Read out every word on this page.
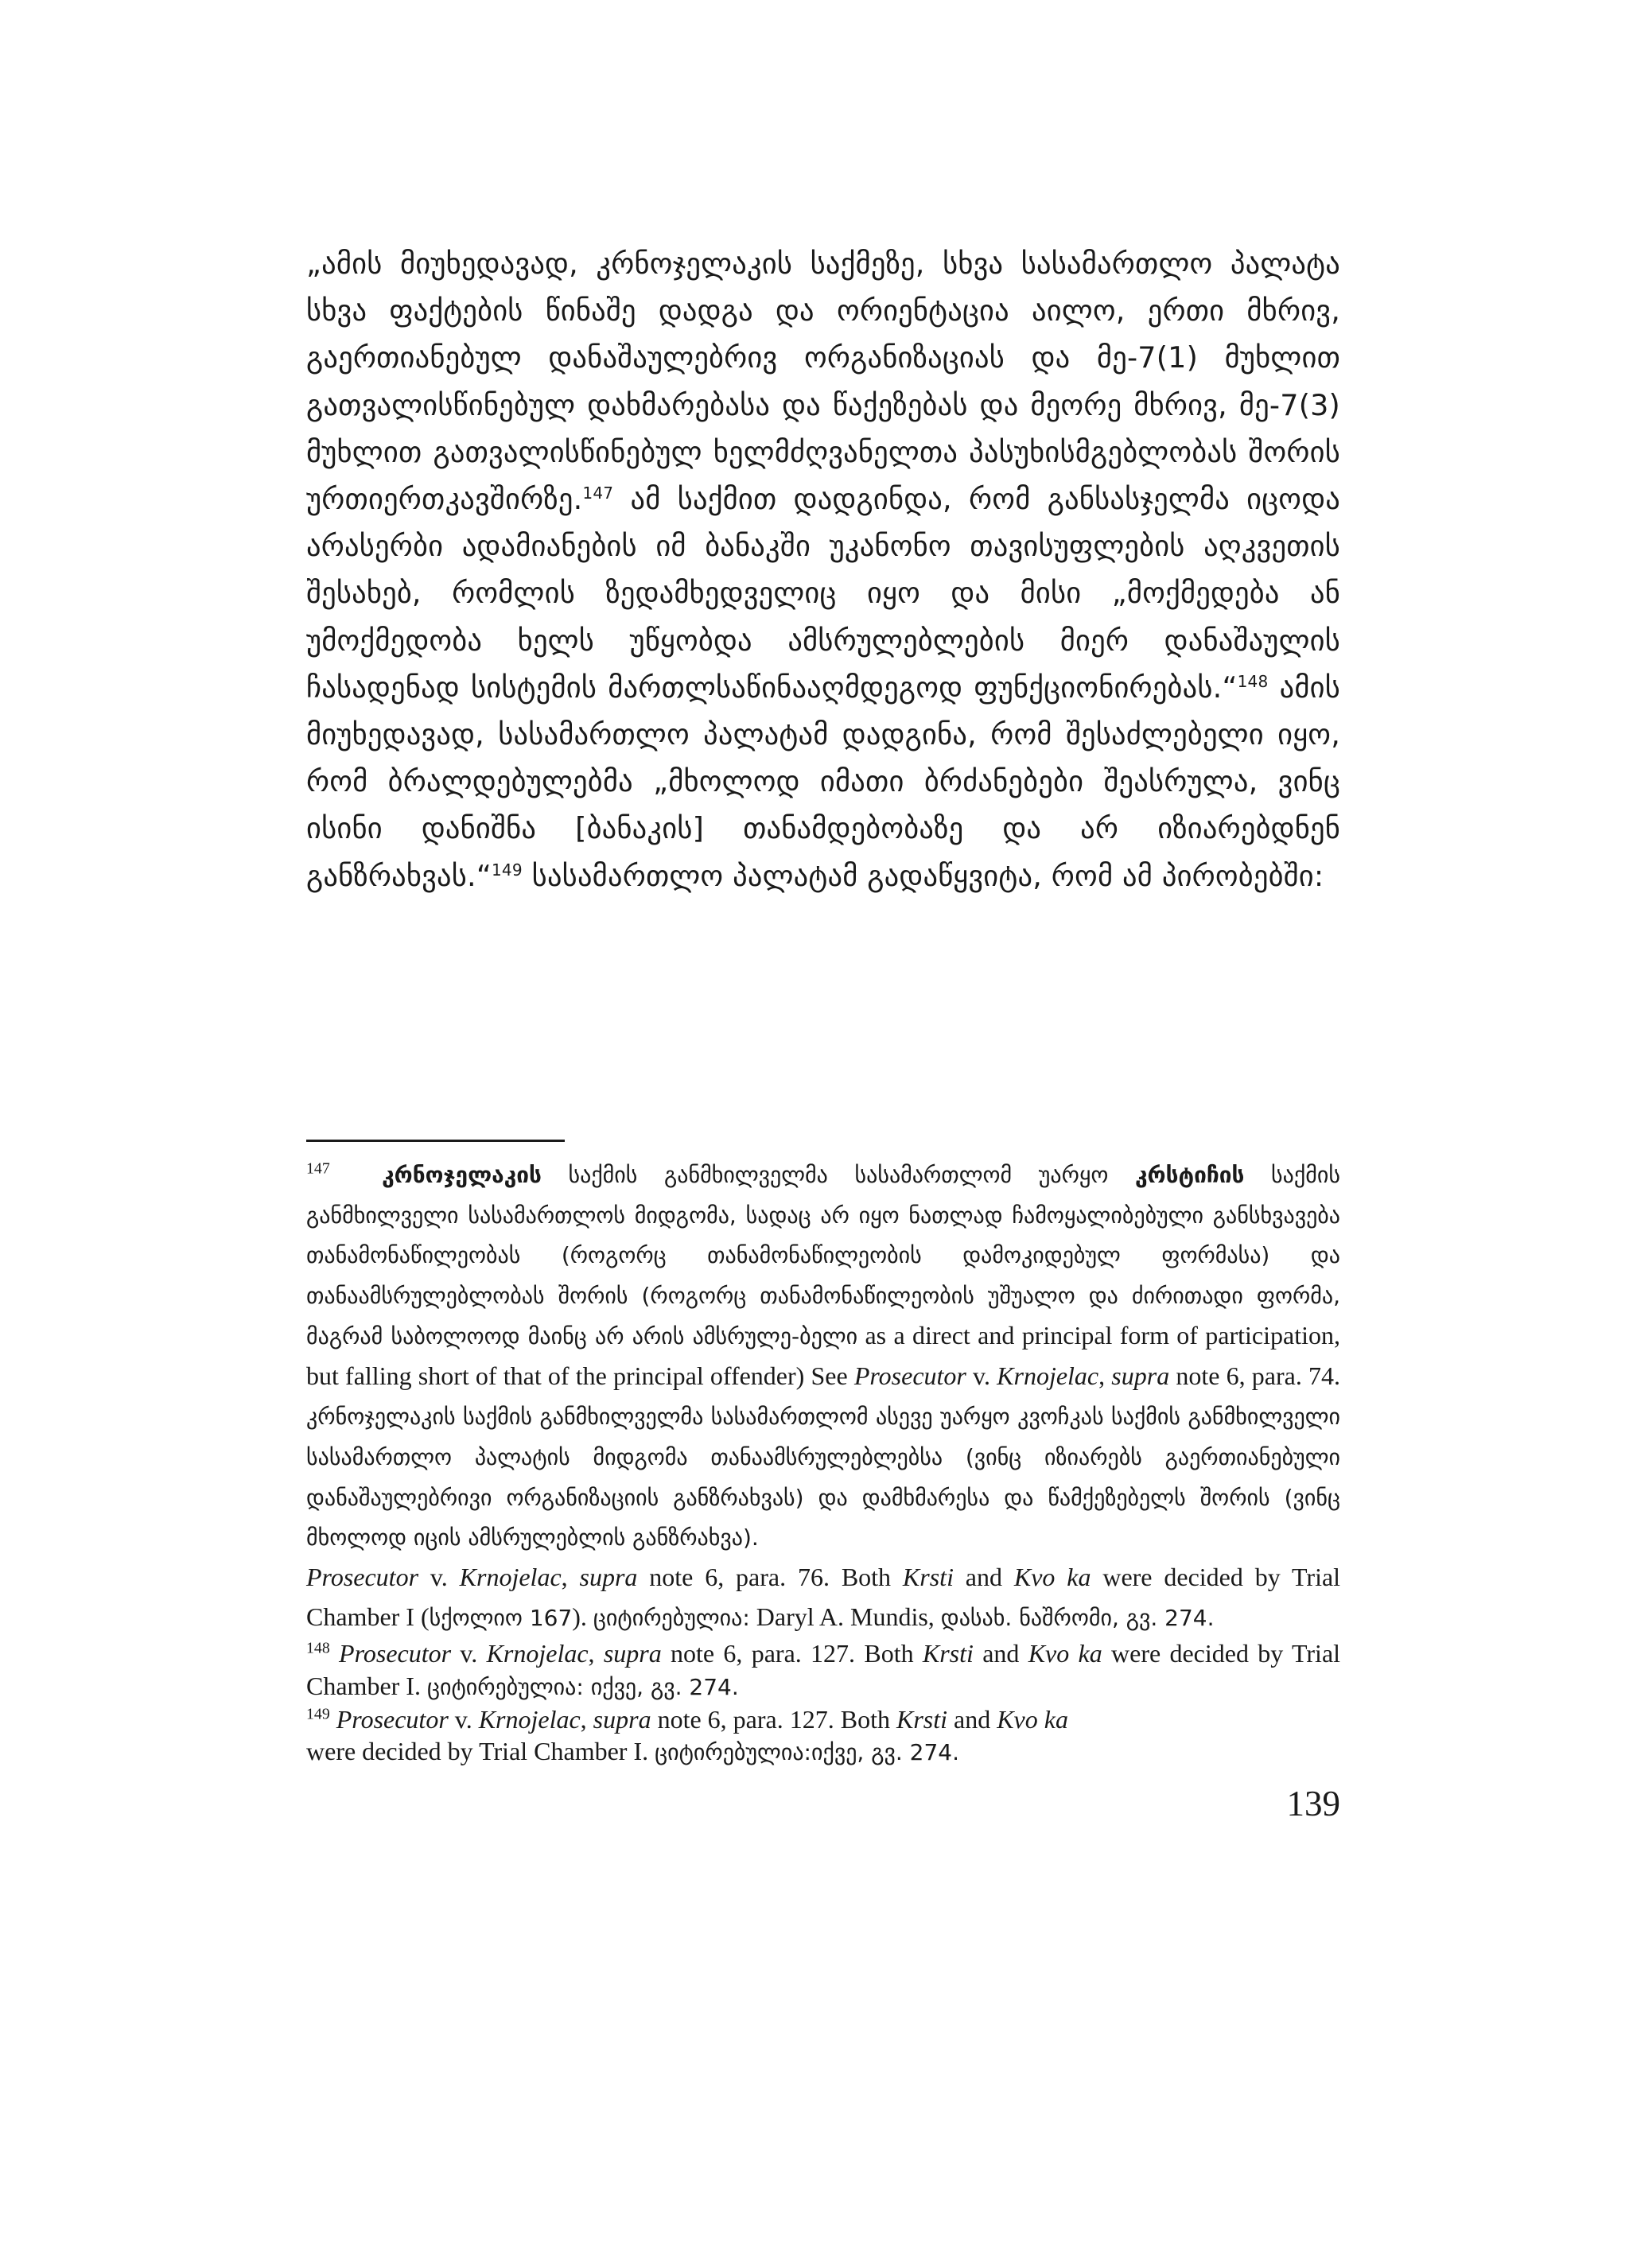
„ამის მიუხედავად, კრნოჯელაკის საქმეზე, სხვა სასამართლო პალატა სხვა ფაქტების წინაშე დადგა და ორიენტაცია აილო, ერთი მხრივ, გაერთიანებულ დანაშაულებრივ ორგანიზაციას და მე-7(1) მუხლით გათვალისწინებულ დახმარებასა და წაქეზებას და მეორე მხრივ, მე-7(3) მუხლით გათვალისწინებულ ხელმძღვანელთა პასუხისმგებლობას შორის ურთიერთკავშირზე.$^{147}$ ამ საქმით დადგინდა, რომ განსასჯელმა იცოდა არასერბი ადამიანების იმ ბანაკში უკანონო თავისუფლების აღკვეთის შესახებ, რომლის ზედამხედველიც იყო და მისი „მოქმედება ან უმოქმედობა ხელს უწყობდა ამსრულებლების მიერ დანაშაულის ჩასადენად სისტემის მართლსაწინააღმდეგოდ ფუნქციონირებას.“$^{148}$ ამის მიუხედავად, სასამართლო პალატამ დადგინა, რომ შესაძლებელი იყო, რომ ბრალდებულებმა „მხოლოდ იმათი ბრძანებები შეასრულა, ვინც ისინი დანიშნა [ბანაკის] თანამდებობაზე და არ იზიარებდნენ განზრახვას.“$^{149}$ სასამართლო პალატამ გადაწყვიტა, რომ ამ პირობებში:

$^{147}$ კრნოჯელაკის საქმის განმხილველმა სასამართლომ უარყო კრსტიჩის საქმის განმხილველი სასამართლოს მიდგომა, სადაც არ იყო ნათლად ჩამოყალიბებული განსხვავება თანამონაწილეობას (როგორც თანამონაწილეობის დამოკიდებულ ფორმასა) და თანაამსრულებლობას შორის (როგორც თანამონაწილეობის უშუალო და ძირითადი ფორმა, მაგრამ საბოლოოდ მაინც არ არის ამსრულე-ბელი as a direct and principal form of participation, but falling short of that of the principal offender) See Prosecutor v. Krnojelac, supra note 6, para. 74. კრნოჯელაკის საქმის განმხილველმა სასამართლომ ასევე უარყო კვოჩკას საქმის განმხილველი სასამართლო პალატის მიდგომა თანაამსრულებლებსა (ვინც იზიარებს გაერთიანებული დანაშაულებრივი ორგანიზაციის განზრახვას) და დამხმარესა და წამქეზებელს შორის (ვინც მხოლოდ იცის ამსრულებლის განზრახვა).
Prosecutor v. Krnojelac, supra note 6, para. 76. Both Krsti and Kvo ka were decided by Trial Chamber I (სქოლიო 167). ციტირებულია: Daryl A. Mundis, დასახ. ნაშრომი, გვ. 274.

$^{148}$ Prosecutor v. Krnojelac, supra note 6, para. 127. Both Krsti and Kvo ka were decided by Trial Chamber I. ციტირებულია: იქვე, გვ. 274.

$^{149}$ Prosecutor v. Krnojelac, supra note 6, para. 127. Both Krsti and Kvo ka
were decided by Trial Chamber I. ციტირებულია:იქვე, გვ. 274.

139
